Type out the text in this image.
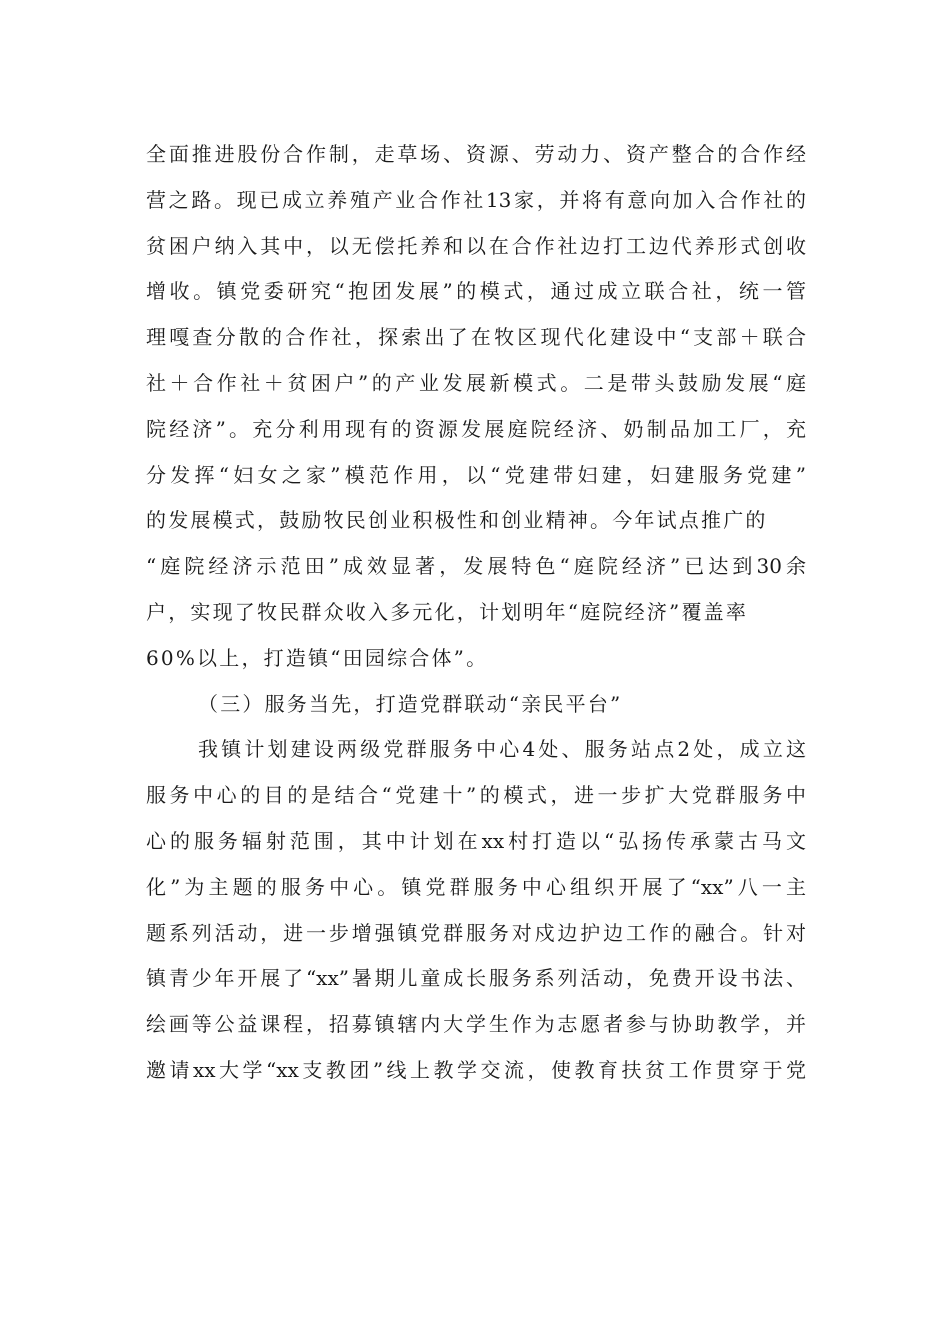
全面推进股份合作制，走草场、资源、劳动力、资产整合的合作经
营之路。现已成立养殖产业合作社13家，并将有意向加入合作社的
贫困户纳入其中，以无偿托养和以在合作社边打工边代养形式创收
增收。镇党委研究“抱团发展”的模式，通过成立联合社，统一管
理嘎查分散的合作社，探索出了在牧区现代化建设中“支部＋联合
社＋合作社＋贫困户”的产业发展新模式。二是带头鼓励发展“庭
院经济”。充分利用现有的资源发展庭院经济、奶制品加工厂，充
分发挥“妇女之家”模范作用，以“党建带妇建，妇建服务党建”
的发展模式，鼓励牧民创业积极性和创业精神。今年试点推广的
“庭院经济示范田”成效显著，发展特色“庭院经济”已达到30余
户，实现了牧民群众收入多元化，计划明年“庭院经济”覆盖率
60%以上，打造镇“田园综合体”。
（三）服务当先，打造党群联动“亲民平台”
我镇计划建设两级党群服务中心4处、服务站点2处，成立这
服务中心的目的是结合“党建十”的模式，进一步扩大党群服务中
心的服务辐射范围，其中计划在xx村打造以“弘扬传承蒙古马文
化”为主题的服务中心。镇党群服务中心组织开展了“xx”八一主
题系列活动，进一步增强镇党群服务对戍边护边工作的融合。针对
镇青少年开展了“xx”暑期儿童成长服务系列活动，免费开设书法、
绘画等公益课程，招募镇辖内大学生作为志愿者参与协助教学，并
邀请xx大学“xx支教团”线上教学交流，使教育扶贫工作贯穿于党
